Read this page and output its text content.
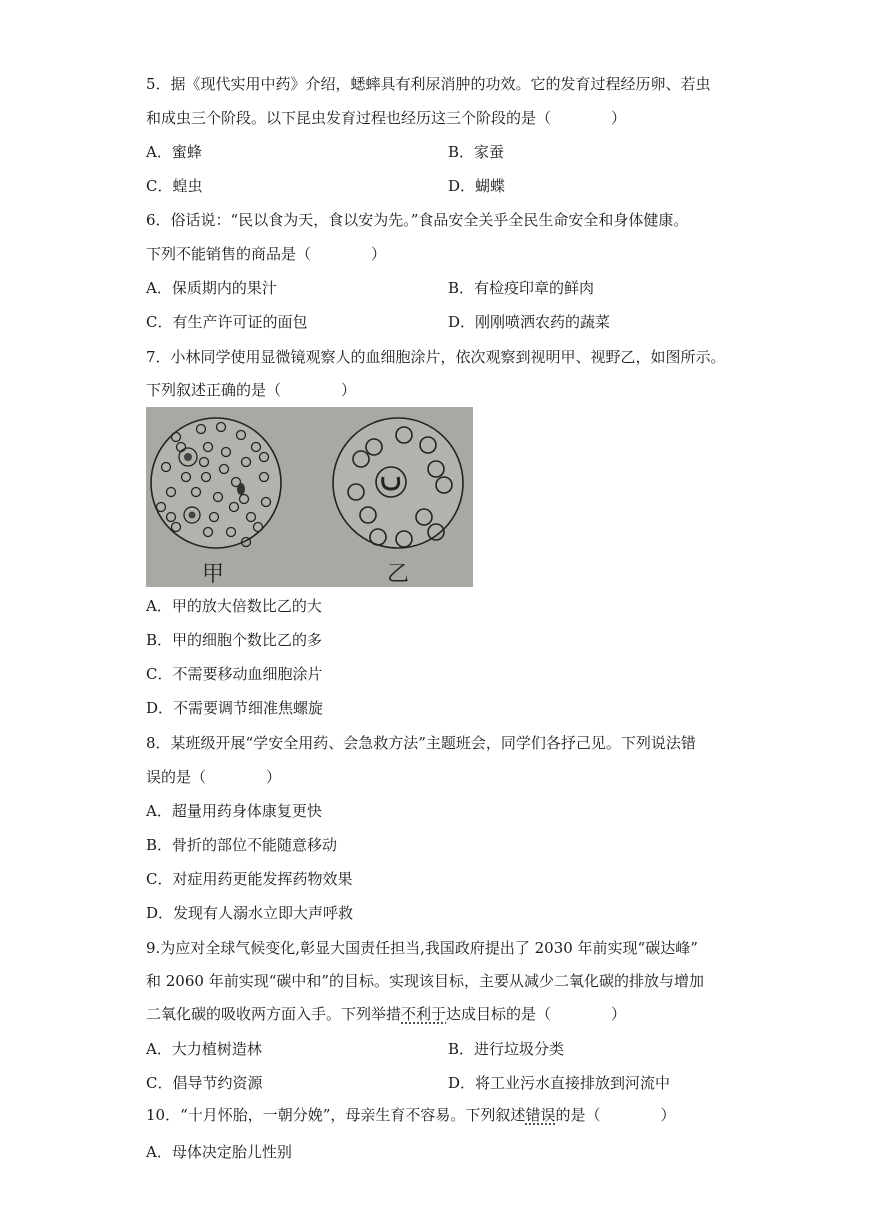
5．据《现代实用中药》介绍，蟋蟀具有利尿消肿的功效。它的发育过程经历卵、若虫
和成虫三个阶段。以下昆虫发育过程也经历这三个阶段的是（　　　　）
A．蜜蜂	B．家蚕
C．蝗虫	D．蝴蝶
6．俗话说：“民以食为天，食以安为先。”食品安全关乎全民生命安全和身体健康。
下列不能销售的商品是（　　　　）
A．保质期内的果汁	B．有检疫印章的鲜肉
C．有生产许可证的面包	D．刚刚喷洒农药的蔬菜
7．小林同学使用显微镜观察人的血细胞涂片，依次观察到视明甲、视野乙，如图所示。
下列叙述正确的是（　　　　）
甲	乙
A．甲的放大倍数比乙的大
B．甲的细胞个数比乙的多
C．不需要移动血细胞涂片
D．不需要调节细准焦螺旋
8．某班级开展“学安全用药、会急救方法”主题班会，同学们各抒己见。下列说法错
误的是（　　　　）
A．超量用药身体康复更快
B．骨折的部位不能随意移动
C．对症用药更能发挥药物效果
D．发现有人溺水立即大声呼救
9.为应对全球气候变化,彰显大国责任担当,我国政府提出了 2030 年前实现“碳达峰”
和 2060 年前实现“碳中和”的目标。实现该目标，主要从减少二氧化碳的排放与增加
二氧化碳的吸收两方面入手。下列举措不利于达成目标的是（　　　　）
A．大力植树造林	B．进行垃圾分类
C．倡导节约资源	D．将工业污水直接排放到河流中
10．“十月怀胎，一朝分娩”，母亲生育不容易。下列叙述错误的是（　　　　）
A．母体决定胎儿性别
